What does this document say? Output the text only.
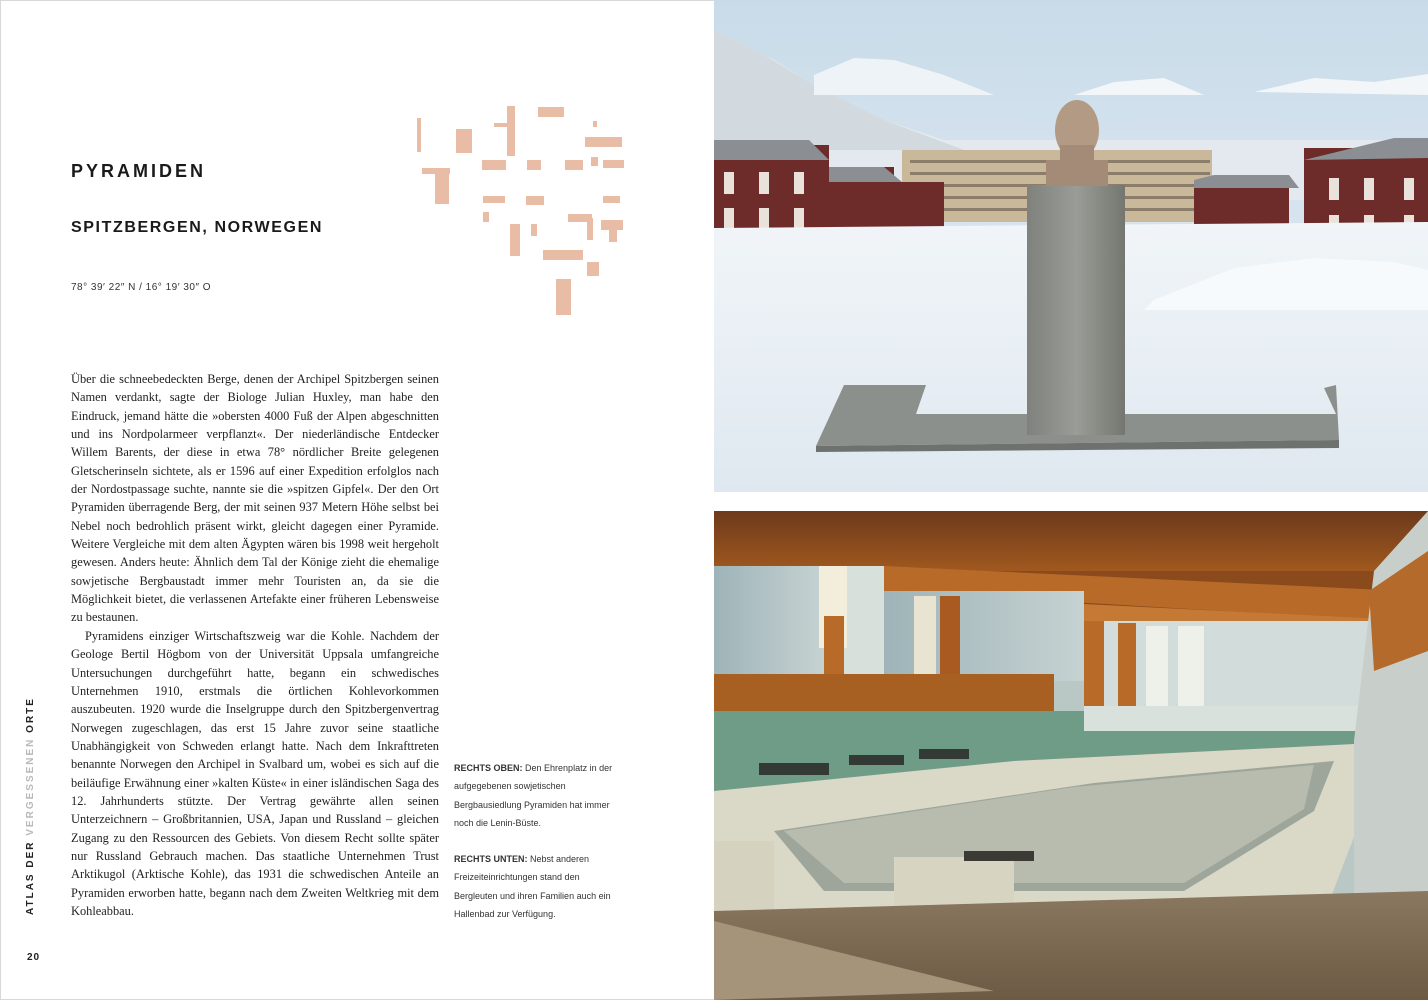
PYRAMIDEN
SPITZBERGEN, NORWEGEN
78° 39′ 22″ N / 16° 19′ 30″ O

Über die schneebedeckten Berge, denen der Archipel Spitzbergen seinen Namen verdankt, sagte der Biologe Julian Huxley, man habe den Eindruck, jemand hätte die »obersten 4000 Fuß der Alpen abgeschnitten und ins Nordpolarmeer verpflanzt«. Der niederländische Entdecker Willem Barents, der diese in etwa 78° nördlicher Breite gelegenen Gletscherinseln sichtete, als er 1596 auf einer Expedition erfolglos nach der Nordostpassage suchte, nannte sie die »spitzen Gipfel«. Der den Ort Pyramiden überragende Berg, der mit seinen 937 Metern Höhe selbst bei Nebel noch bedrohlich präsent wirkt, gleicht dagegen einer Pyramide. Weitere Vergleiche mit dem alten Ägypten wären bis 1998 weit hergeholt gewesen. Anders heute: Ähnlich dem Tal der Könige zieht die ehemalige sowjetische Bergbaustadt immer mehr Touristen an, da sie die Möglichkeit bietet, die verlassenen Artefakte einer früheren Lebensweise zu bestaunen.

Pyramidens einziger Wirtschaftszweig war die Kohle. Nachdem der Geologe Bertil Högbom von der Universität Uppsala umfangreiche Untersuchungen durchgeführt hatte, begann ein schwedisches Unternehmen 1910, erstmals die örtlichen Kohlevorkommen auszubeuten. 1920 wurde die Inselgruppe durch den Spitzbergenvertrag Norwegen zugeschlagen, das erst 15 Jahre zuvor seine staatliche Unabhängigkeit von Schweden erlangt hatte. Nach dem Inkrafttreten benannte Norwegen den Archipel in Svalbard um, wobei es sich auf die beiläufige Erwähnung einer »kalten Küste« in einer isländischen Saga des 12. Jahrhunderts stützte. Der Vertrag gewährte allen seinen Unterzeichnern – Großbritannien, USA, Japan und Russland – gleichen Zugang zu den Ressourcen des Gebiets. Von diesem Recht sollte später nur Russland Gebrauch machen. Das staatliche Unternehmen Trust Arktikugol (Arktische Kohle), das 1931 die schwedischen Anteile an Pyramiden erworben hatte, begann nach dem Zweiten Weltkrieg mit dem Kohleabbau.

RECHTS OBEN: Den Ehrenplatz in der aufgegebenen sowjetischen Bergbausiedlung Pyramiden hat immer noch die Lenin-Büste.

RECHTS UNTEN: Nebst anderen Freizeiteinrichtungen stand den Bergleuten und ihren Familien auch ein Hallenbad zur Verfügung.

ATLAS DER VERGESSENEN ORTE
20
